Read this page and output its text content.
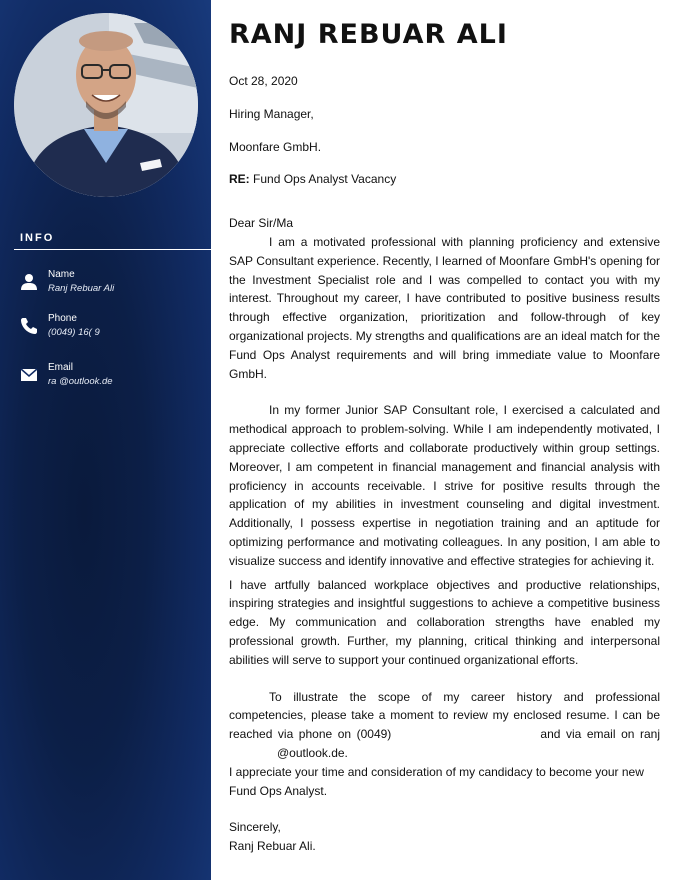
INFO
Name
Ranj Rebuar Ali
Phone
(0049) 16( 9
Email
ra @outlook.de
RANJ REBUAR ALI

Oct 28, 2020

Hiring Manager,

Moonfare GmbH.

RE: Fund Ops Analyst Vacancy

Dear Sir/Ma

I am a motivated professional with planning proficiency and extensive SAP Consultant experience. Recently, I learned of Moonfare GmbH's opening for the Investment Specialist role and I was compelled to contact you with my interest. Throughout my career, I have contributed to positive business results through effective organization, prioritization and follow-through of key organizational projects. My strengths and qualifications are an ideal match for the Fund Ops Analyst requirements and will bring immediate value to Moonfare GmbH.

In my former Junior SAP Consultant role, I exercised a calculated and methodical approach to problem-solving. While I am independently motivated, I appreciate collective efforts and collaborate productively within group settings. Moreover, I am competent in financial management and financial analysis with proficiency in accounts receivable. I strive for positive results through the application of my abilities in investment counseling and digital investment. Additionally, I possess expertise in negotiation training and an aptitude for optimizing performance and motivating colleagues. In any position, I am able to visualize success and identify innovative and effective strategies for achieving it.

I have artfully balanced workplace objectives and productive relationships, inspiring strategies and insightful suggestions to achieve a competitive business edge. My communication and collaboration strengths have enabled my professional growth. Further, my planning, critical thinking and interpersonal abilities will serve to support your continued organizational efforts.

To illustrate the scope of my career history and professional competencies, please take a moment to review my enclosed resume. I can be reached via phone on (0049)	and via email on ranj @outlook.de.

I appreciate your time and consideration of my candidacy to become your new Fund Ops Analyst.

Sincerely,

Ranj Rebuar Ali.
